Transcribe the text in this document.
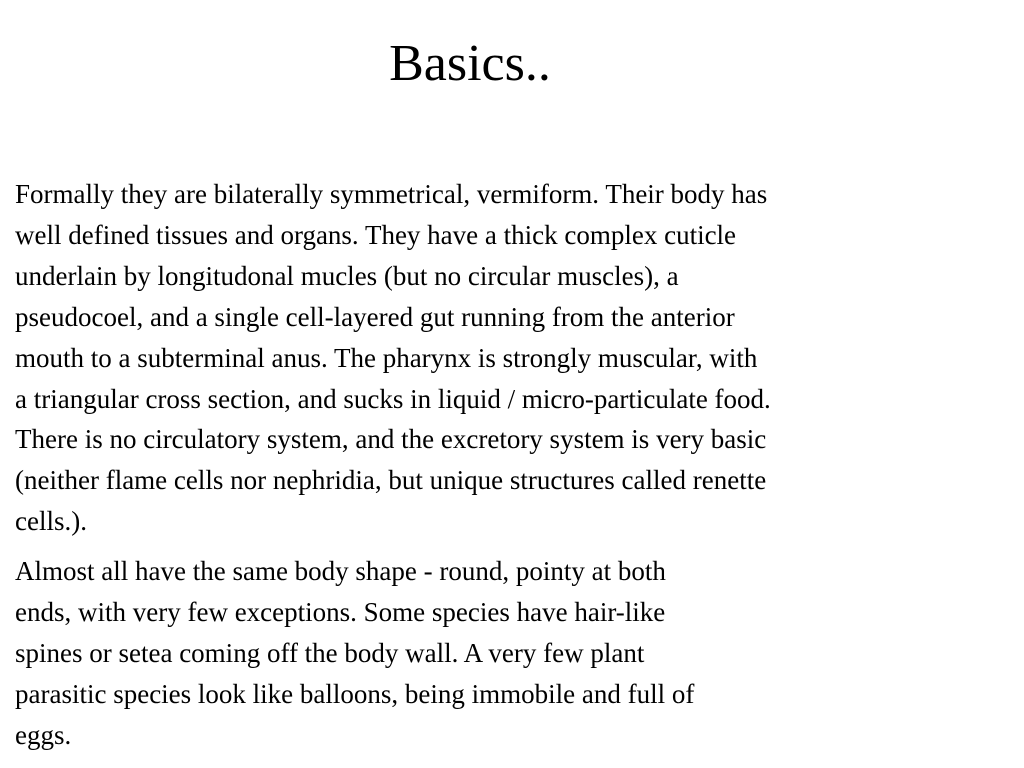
Basics..

Formally they are bilaterally symmetrical, vermiform. Their body has
well defined tissues and organs. They have a thick complex cuticle
underlain by longitudonal mucles (but no circular muscles), a
pseudocoel, and a single cell-layered gut running from the anterior
mouth to a subterminal anus. The pharynx is strongly muscular, with
a triangular cross section, and sucks in liquid / micro-particulate food.
There is no circulatory system, and the excretory system is very basic
(neither flame cells nor nephridia, but unique structures called renette
cells.).

Almost all have the same body shape - round, pointy at both
ends, with very few exceptions. Some species have hair-like
spines or setea coming off the body wall. A very few plant
parasitic species look like balloons, being immobile and full of
eggs.
